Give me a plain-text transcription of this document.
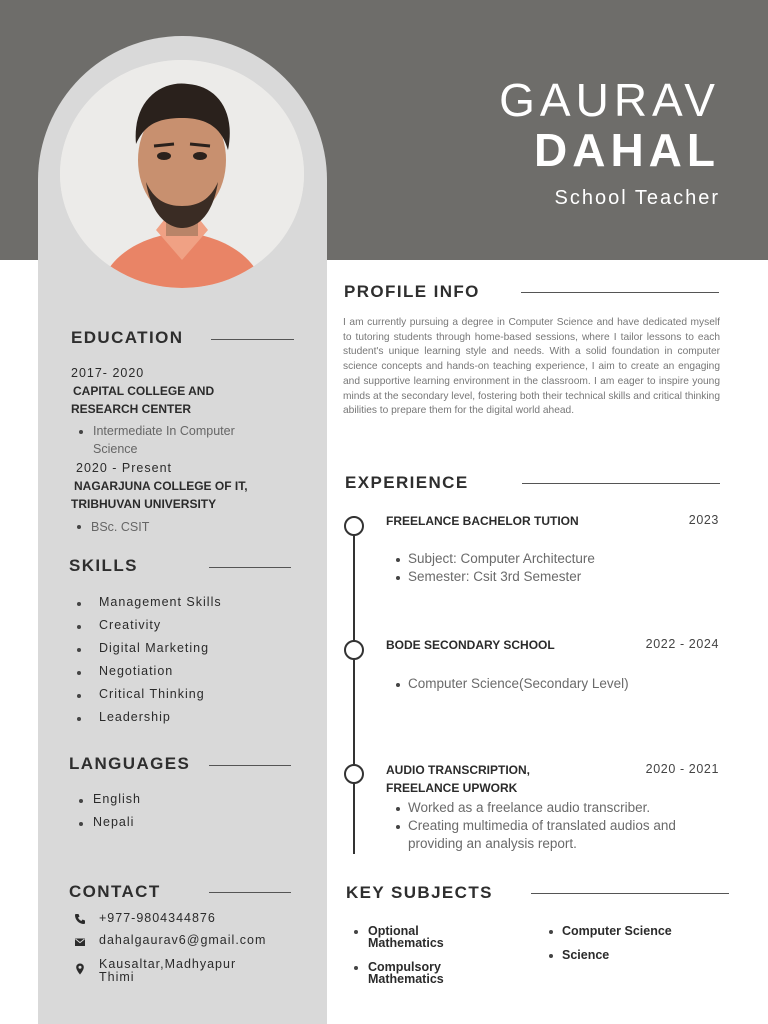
GAURAV
DAHAL
School Teacher
EDUCATION
2017- 2020
CAPITAL COLLEGE AND
RESEARCH CENTER
Intermediate In Computer
Science
2020 - Present
NAGARJUNA COLLEGE OF IT,
TRIBHUVAN UNIVERSITY
BSc. CSIT
SKILLS
Management Skills
Creativity
Digital Marketing
Negotiation
Critical Thinking
Leadership
LANGUAGES
English
Nepali
CONTACT
+977-9804344876
dahalgaurav6@gmail.com
Kausaltar,Madhyapur
Thimi
PROFILE INFO
I am currently pursuing a degree in Computer Science and have dedicated myself to tutoring students through home-based sessions, where I tailor lessons to each student's unique learning style and needs. With a solid foundation in computer science concepts and hands-on teaching experience, I aim to create an engaging and supportive learning environment in the classroom. I am eager to inspire young minds at the secondary level, fostering both their technical skills and critical thinking abilities to prepare them for the digital world ahead.
EXPERIENCE
FREELANCE BACHELOR TUTION	2023
Subject: Computer Architecture
Semester: Csit 3rd Semester
BODE SECONDARY SCHOOL	2022 - 2024
Computer Science(Secondary Level)
AUDIO TRANSCRIPTION,
FREELANCE UPWORK
2020 - 2021
Worked as a freelance audio transcriber.
Creating multimedia of translated audios and providing an analysis report.
KEY SUBJECTS
Optional
Mathematics
Compulsory
Mathematics
Computer Science
Science
